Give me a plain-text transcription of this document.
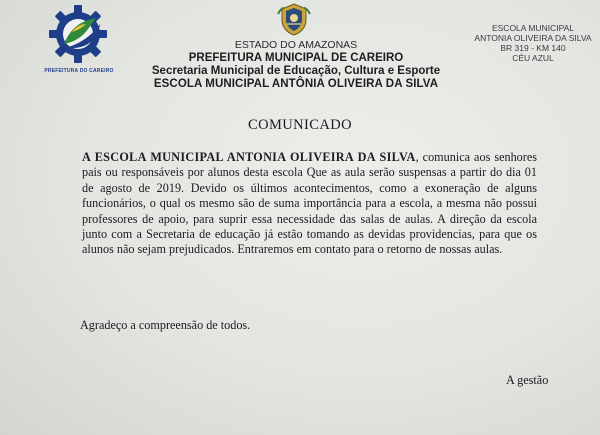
PREFEITURA DO CAREIRO
ESTADO DO AMAZONAS
PREFEITURA MUNICIPAL DE CAREIRO
Secretaria Municipal de Educação, Cultura e Esporte
ESCOLA MUNICIPAL ANTÔNIA OLIVEIRA DA SILVA
ESCOLA MUNICIPAL
ANTONIA OLIVEIRA DA SILVA
BR 319 - KM 140
CÉU AZUL
COMUNICADO
A ESCOLA MUNICIPAL ANTONIA OLIVEIRA DA SILVA, comunica aos senhores pais ou responsáveis por alunos desta escola Que as aula serão suspensas a partir do dia 01 de agosto de 2019. Devido os últimos acontecimentos, como a exoneração de alguns funcionários, o qual os mesmo são de suma importância para a escola, a mesma não possui professores de apoio, para suprir essa necessidade das salas de aulas. A direção da escola junto com a Secretaria de educação já estão tomando as devidas providencias, para que os alunos não sejam prejudicados. Entraremos em contato para o retorno de nossas aulas.
Agradeço a compreensão de todos.
A gestão
